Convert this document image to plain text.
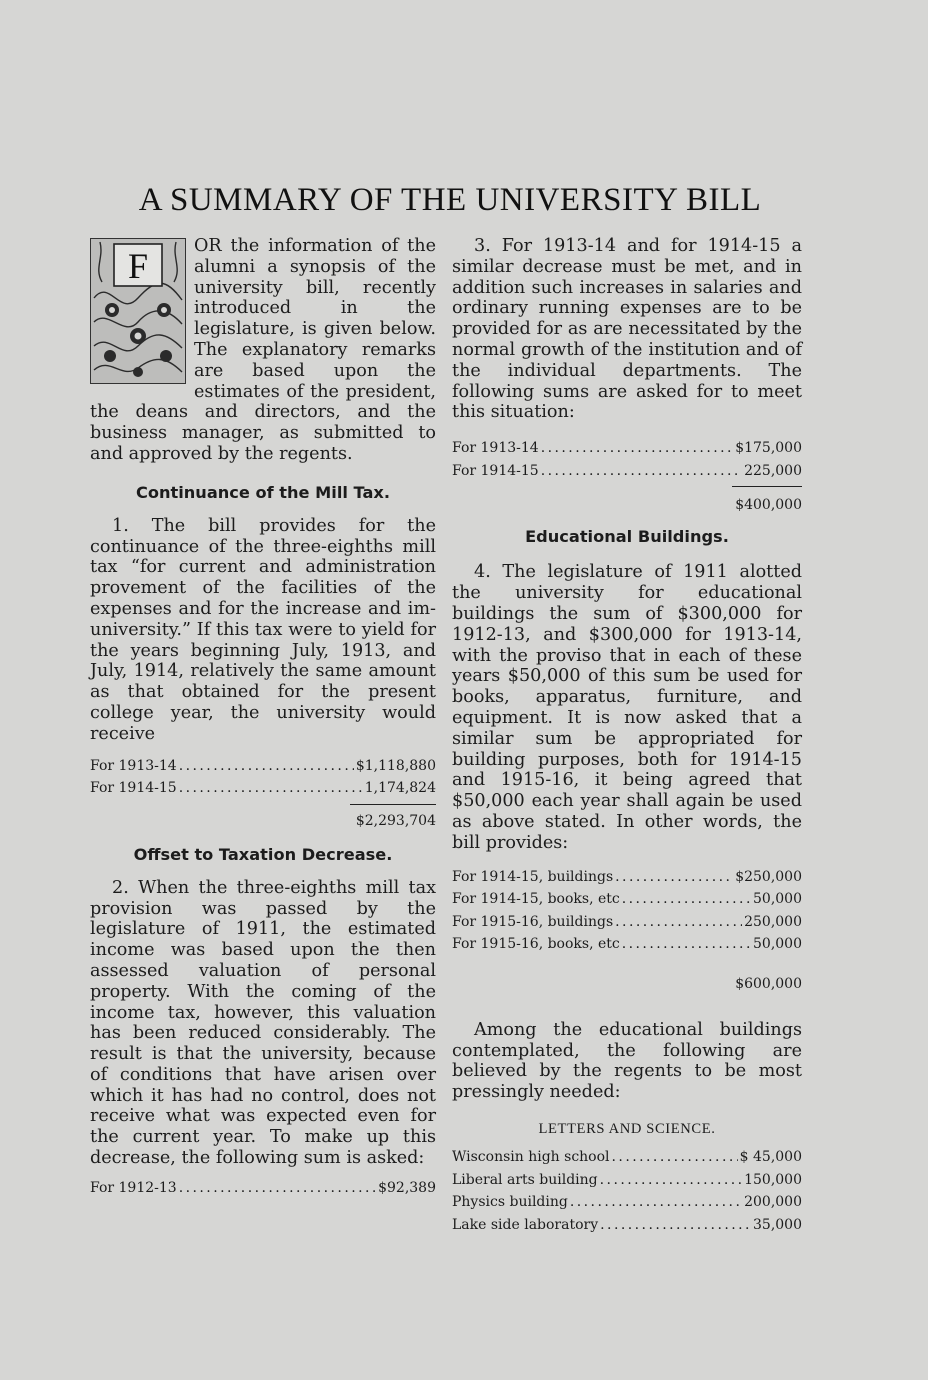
A SUMMARY OF THE UNIVERSITY BILL
F	OR the information of the alumni a synopsis of the university bill, recently introduced in the legislature, is given below. The explanatory remarks are based upon the estimates of the president, the deans and directors, and the business manager, as submitted to and approved by the regents.

Continuance of the Mill Tax.

1. The bill provides for the continuance of the three-eighths mill tax “for current and administration provement of the facilities of the expenses and for the increase and im- university.” If this tax were to yield for the years beginning July, 1913, and July, 1914, relatively the same amount as that obtained for the present college year, the university would receive

For 1913-14 . . .	$1,118,880
For 1914-15 . . .	1,174,824
$2,293,704
Offset to Taxation Decrease.

2. When the three-eighths mill tax provision was passed by the legislature of 1911, the estimated income was based upon the then assessed valuation of personal property. With the coming of the income tax, however, this valuation has been reduced considerably. The result is that the university, because of conditions that have arisen over which it has had no control, does not receive what was expected even for the current year. To make up this decrease, the following sum is asked:

For 1912-13 . . .	$92,389

3. For 1913-14 and for 1914-15 a similar decrease must be met, and in addition such increases in salaries and ordinary running expenses are to be provided for as are necessitated by the normal growth of the institution and of the individual departments. The following sums are asked for to meet this situation:

For 1913-14 . . .	$175,000
For 1914-15 . . .	225,000
$400,000
Educational Buildings.

4. The legislature of 1911 alotted the university for educational buildings the sum of $300,000 for 1912-13, and $300,000 for 1913-14, with the proviso that in each of these years $50,000 of this sum be used for books, apparatus, furniture, and equipment. It is now asked that a similar sum be appropriated for building purposes, both for 1914-15 and 1915-16, it being agreed that $50,000 each year shall again be used as above stated. In other words, the bill provides:

For 1914-15, buildings . . .	$250,000
For 1914-15, books, etc . . .	50,000
For 1915-16, buildings . . .	250,000
For 1915-16, books, etc . . .	50,000
$600,000

Among the educational buildings contemplated, the following are believed by the regents to be most pressingly needed:

LETTERS AND SCIENCE.
Wisconsin high school . . .	$ 45,000
Liberal arts building . . .	150,000
Physics building . . .	200,000
Lake side laboratory . . .	35,000
